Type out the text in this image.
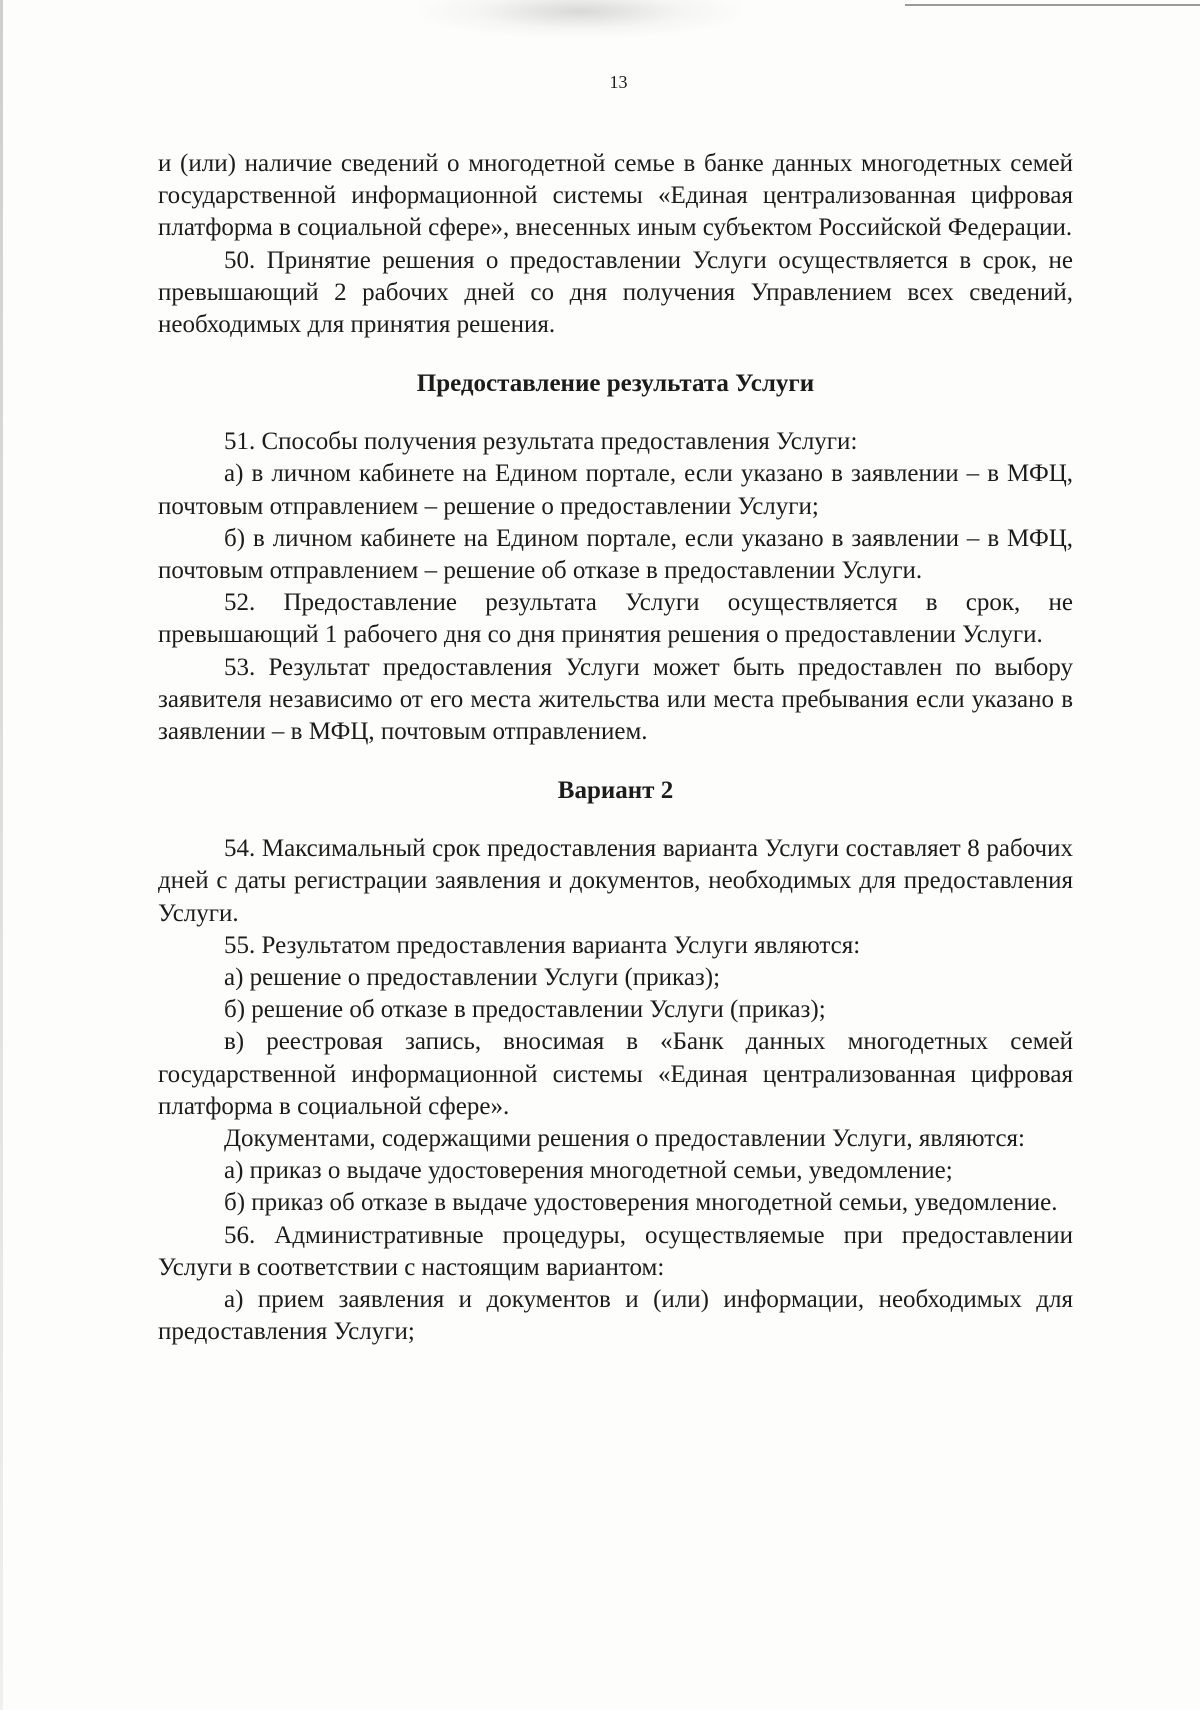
13

и (или) наличие сведений о многодетной семье в банке данных многодетных семей государственной информационной системы «Единая централизованная цифровая платформа в социальной сфере», внесенных иным субъектом Российской Федерации.

50. Принятие решения о предоставлении Услуги осуществляется в срок, не превышающий 2 рабочих дней со дня получения Управлением всех сведений, необходимых для принятия решения.

Предоставление результата Услуги

51. Способы получения результата предоставления Услуги:

а) в личном кабинете на Едином портале, если указано в заявлении – в МФЦ, почтовым отправлением – решение о предоставлении Услуги;

б) в личном кабинете на Едином портале, если указано в заявлении – в МФЦ, почтовым отправлением – решение об отказе в предоставлении Услуги.

52. Предоставление результата Услуги осуществляется в срок, не превышающий 1 рабочего дня со дня принятия решения о предоставлении Услуги.

53. Результат предоставления Услуги может быть предоставлен по выбору заявителя независимо от его места жительства или места пребывания если указано в заявлении – в МФЦ, почтовым отправлением.

Вариант 2

54. Максимальный срок предоставления варианта Услуги составляет 8 рабочих дней с даты регистрации заявления и документов, необходимых для предоставления Услуги.

55. Результатом предоставления варианта Услуги являются:

а) решение о предоставлении Услуги (приказ);

б) решение об отказе в предоставлении Услуги (приказ);

в) реестровая запись, вносимая в «Банк данных многодетных семей государственной информационной системы «Единая централизованная цифровая платформа в социальной сфере».

Документами, содержащими решения о предоставлении Услуги, являются:

а) приказ о выдаче удостоверения многодетной семьи, уведомление;

б) приказ об отказе в выдаче удостоверения многодетной семьи, уведомление.

56. Административные процедуры, осуществляемые при предоставлении Услуги в соответствии с настоящим вариантом:

а) прием заявления и документов и (или) информации, необходимых для предоставления Услуги;
